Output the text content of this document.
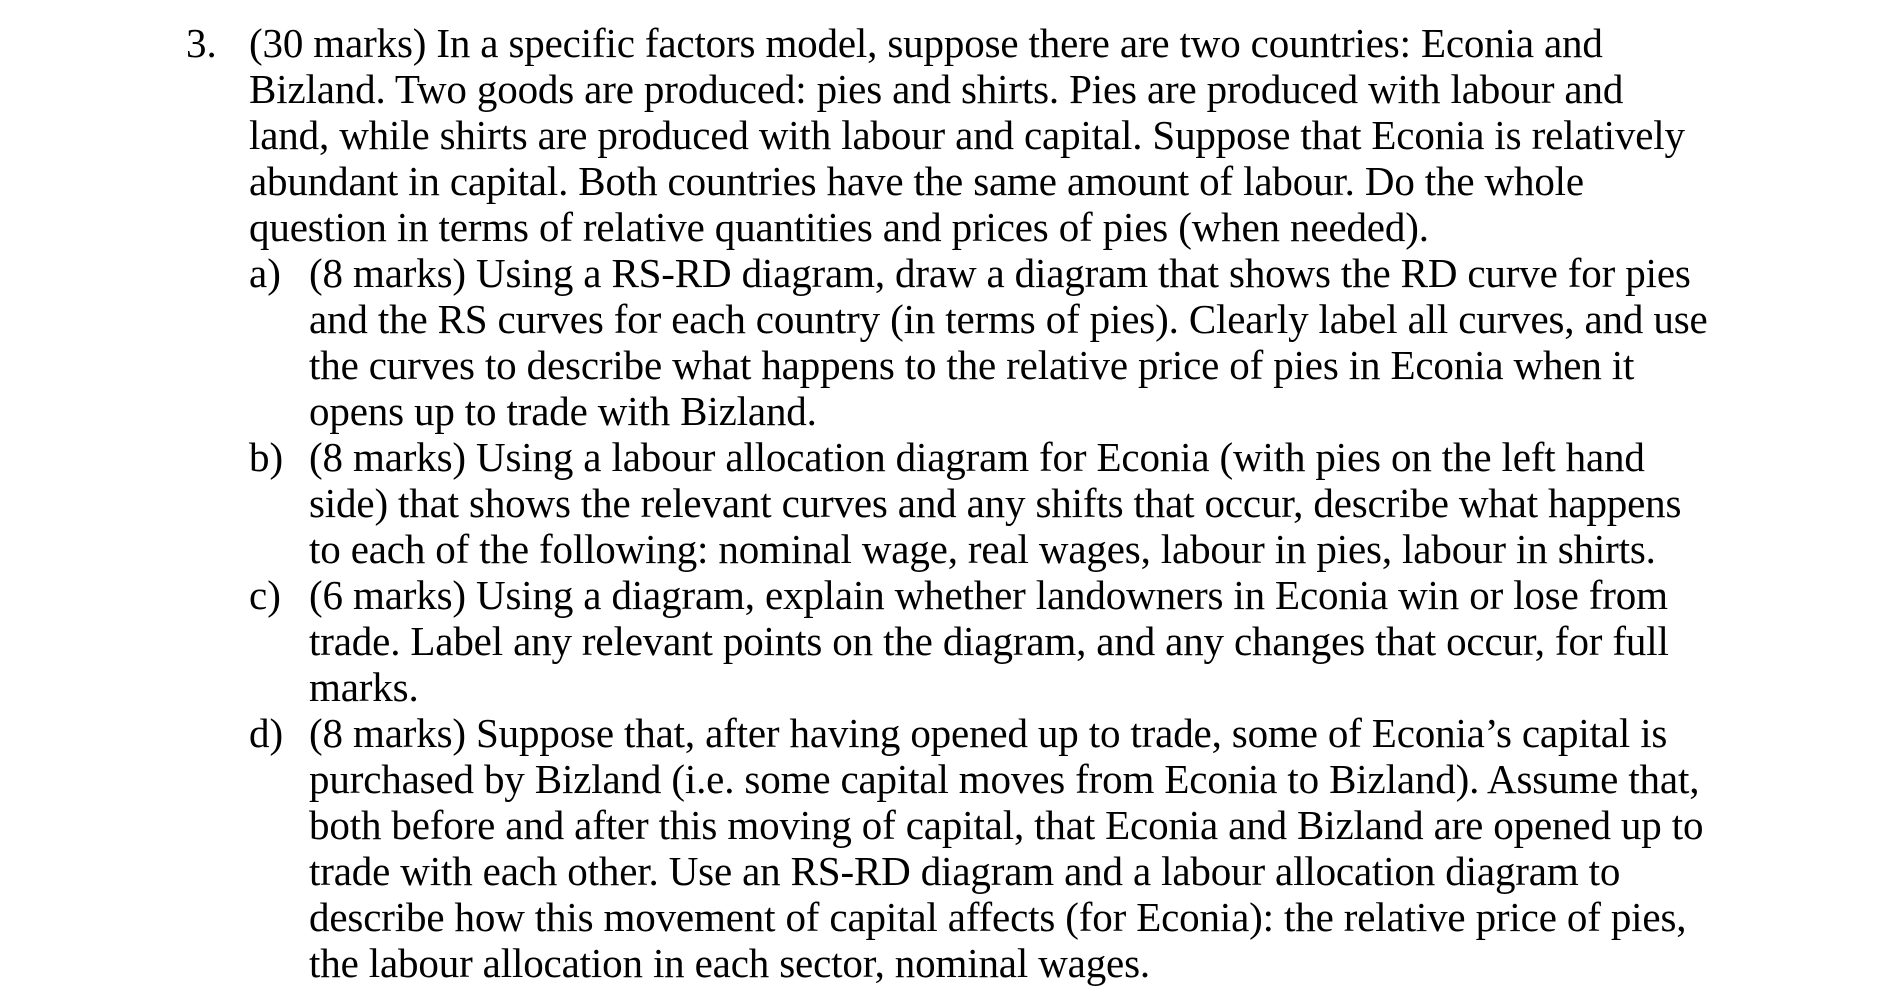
3. (30 marks) In a specific factors model, suppose there are two countries: Econia and
Bizland. Two goods are produced: pies and shirts. Pies are produced with labour and
land, while shirts are produced with labour and capital. Suppose that Econia is relatively
abundant in capital. Both countries have the same amount of labour. Do the whole
question in terms of relative quantities and prices of pies (when needed).
a) (8 marks) Using a RS-RD diagram, draw a diagram that shows the RD curve for pies
and the RS curves for each country (in terms of pies). Clearly label all curves, and use
the curves to describe what happens to the relative price of pies in Econia when it
opens up to trade with Bizland.
b) (8 marks) Using a labour allocation diagram for Econia (with pies on the left hand
side) that shows the relevant curves and any shifts that occur, describe what happens
to each of the following: nominal wage, real wages, labour in pies, labour in shirts.
c) (6 marks) Using a diagram, explain whether landowners in Econia win or lose from
trade. Label any relevant points on the diagram, and any changes that occur, for full
marks.
d) (8 marks) Suppose that, after having opened up to trade, some of Econia’s capital is
purchased by Bizland (i.e. some capital moves from Econia to Bizland). Assume that,
both before and after this moving of capital, that Econia and Bizland are opened up to
trade with each other. Use an RS-RD diagram and a labour allocation diagram to
describe how this movement of capital affects (for Econia): the relative price of pies,
the labour allocation in each sector, nominal wages.
